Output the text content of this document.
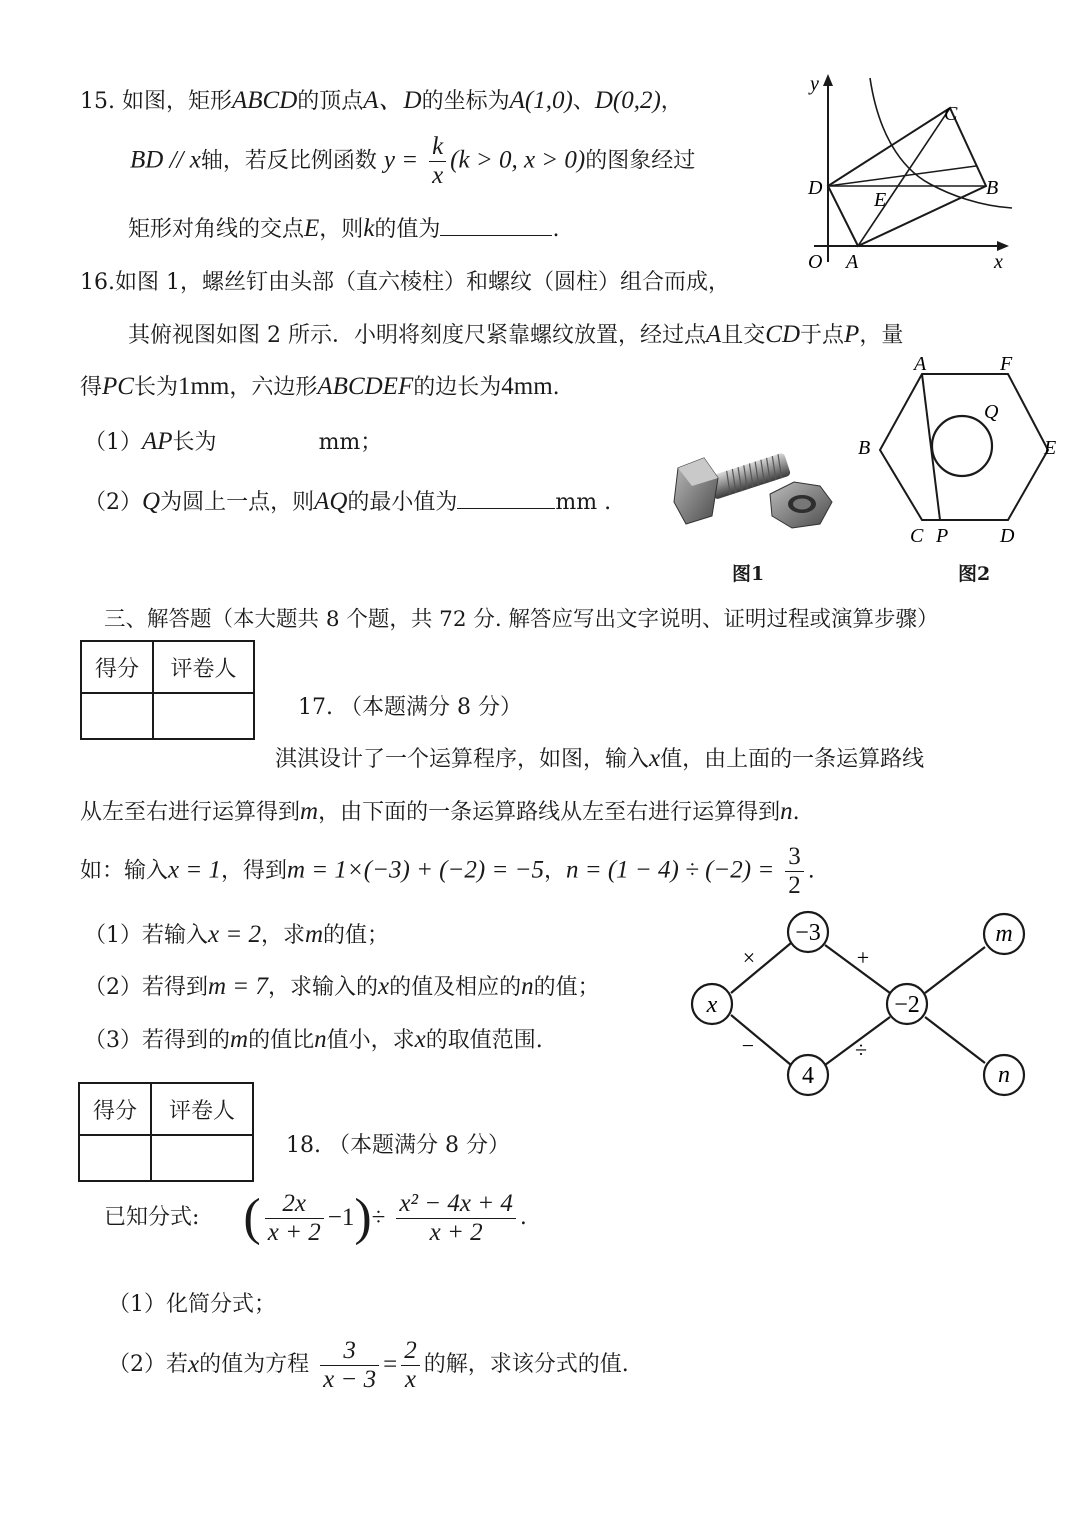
15. 如图，矩形ABCD的顶点A、D的坐标为A(1,0)、D(0,2)，
BD // x轴，若反比例函数 $y = \frac{k}{x} (k > 0$, x > 0)的图象经过
矩形对角线的交点E，则k的值为	.
y
x
O A
B
C
D
E
16.如图 1，螺丝钉由头部（直六棱柱）和螺纹（圆柱）组合而成，
其俯视图如图 2 所示．小明将刻度尺紧靠螺纹放置，经过点A且交CD于点P，量
得PC长为1mm，六边形ABCDEF的边长为4mm.
（1）AP长为	mm；
（2）Q为圆上一点，则AQ的最小值为	mm .
图1
A	F
B	E
C P	D
Q
图2
三、解答题（本大题共 8 个题，共 72 分. 解答应写出文字说明、证明过程或演算步骤）
得分	评卷人

17. （本题满分 8 分）
淇淇设计了一个运算程序，如图，输入x值，由上面的一条运算路线
从左至右进行运算得到m，由下面的一条运算路线从左至右进行运算得到n.
如：输入x = 1，得到m = 1×(−3) + (−2) = −5，$n = (1 - 4) \div (-2) = \frac{3}{2}$ .
（1）若输入x = 2，求m的值；
（2）若得到m = 7，求输入的x的值及相应的n的值；
（3）若得到的m的值比n值小，求x的取值范围.
x
−3
4
−2
m
n
×	+
−	÷
得分	评卷人

18. （本题满分 8 分）
已知分式: ( $\frac{2x}{x + 2} -1)\div \frac{\text{x² − 4x + 4}}{x + 2}$ .
（1）化简分式；
（2）若x的值为方程 $\frac{3}{x - 3} = \frac{2}{x}$ 的解，求该分式的值.
